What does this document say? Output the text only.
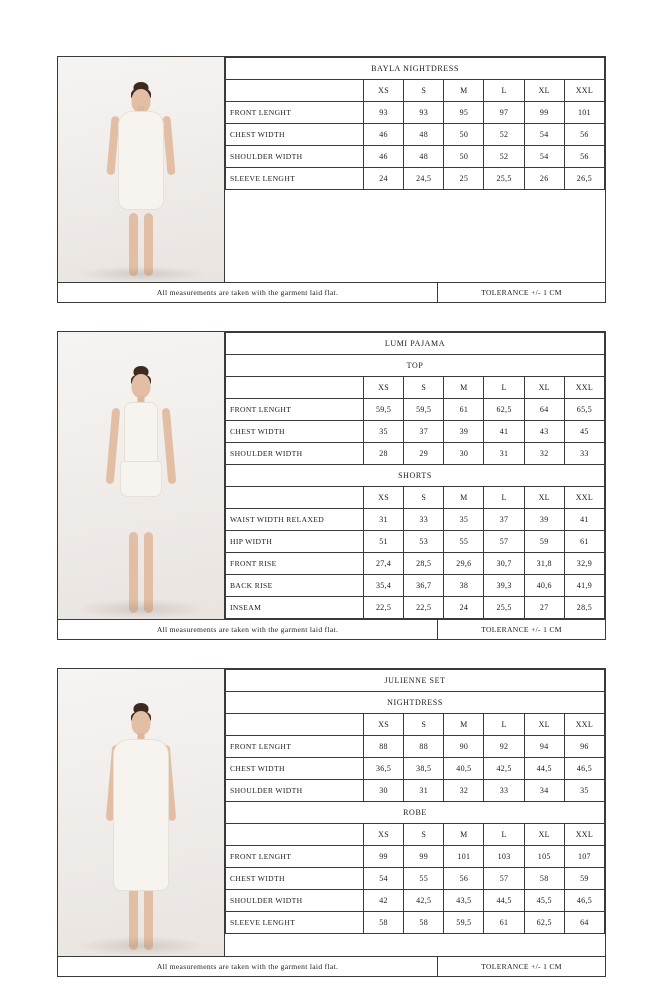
BAYLA NIGHTDRESS						
	XS	S	M	L	XL	XXL
FRONT LENGHT	93	93	95	97	99	101
CHEST WIDTH	46	48	50	52	54	56
SHOULDER WIDTH	46	48	50	52	54	56
SLEEVE LENGHT	24	24,5	25	25,5	26	26,5

All measurements are taken with the garment laid flat.	TOLERANCE +/- 1 CM
LUMI PAJAMA						
TOP						
	XS	S	M	L	XL	XXL
FRONT LENGHT	59,5	59,5	61	62,5	64	65,5
CHEST WIDTH	35	37	39	41	43	45
SHOULDER WIDTH	28	29	30	31	32	33
SHORTS						
	XS	S	M	L	XL	XXL
WAIST WIDTH RELAXED	31	33	35	37	39	41
HIP WIDTH	51	53	55	57	59	61
FRONT RISE	27,4	28,5	29,6	30,7	31,8	32,9
BACK RISE	35,4	36,7	38	39,3	40,6	41,9
INSEAM	22,5	22,5	24	25,5	27	28,5
All measurements are taken with the garment laid flat.	TOLERANCE +/- 1 CM
JULIENNE SET						
NIGHTDRESS						
	XS	S	M	L	XL	XXL
FRONT LENGHT	88	88	90	92	94	96
CHEST WIDTH	36,5	38,5	40,5	42,5	44,5	46,5
SHOULDER WIDTH	30	31	32	33	34	35
ROBE						
	XS	S	M	L	XL	XXL
FRONT LENGHT	99	99	101	103	105	107
CHEST WIDTH	54	55	56	57	58	59
SHOULDER WIDTH	42	42,5	43,5	44,5	45,5	46,5
SLEEVE LENGHT	58	58	59,5	61	62,5	64

All measurements are taken with the garment laid flat.	TOLERANCE +/- 1 CM
